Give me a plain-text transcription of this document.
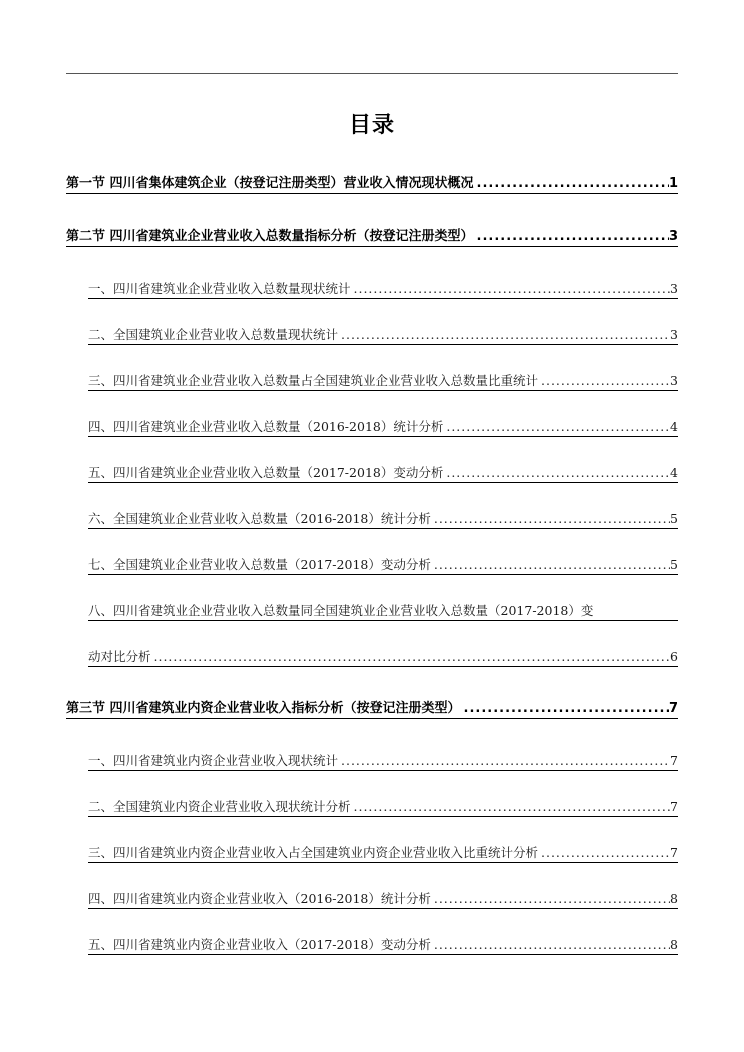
目录
第一节 四川省集体建筑企业（按登记注册类型）营业收入情况现状概况 .....	1
第二节 四川省建筑业企业营业收入总数量指标分析（按登记注册类型） .....	3
一、四川省建筑业企业营业收入总数量现状统计 .....	3
二、全国建筑业企业营业收入总数量现状统计 .....	3
三、四川省建筑业企业营业收入总数量占全国建筑业企业营业收入总数量比重统计 .....	3
四、四川省建筑业企业营业收入总数量（2016-2018）统计分析 .....	4
五、四川省建筑业企业营业收入总数量（2017-2018）变动分析 .....	4
六、全国建筑业企业营业收入总数量（2016-2018）统计分析 .....	5
七、全国建筑业企业营业收入总数量（2017-2018）变动分析 .....	5
八、四川省建筑业企业营业收入总数量同全国建筑业企业营业收入总数量（2017-2018）变
动对比分析 .....	6
第三节 四川省建筑业内资企业营业收入指标分析（按登记注册类型） .....	7
一、四川省建筑业内资企业营业收入现状统计 .....	7
二、全国建筑业内资企业营业收入现状统计分析 .....	7
三、四川省建筑业内资企业营业收入占全国建筑业内资企业营业收入比重统计分析 .....	7
四、四川省建筑业内资企业营业收入（2016-2018）统计分析 .....	8
五、四川省建筑业内资企业营业收入（2017-2018）变动分析 .....	8
